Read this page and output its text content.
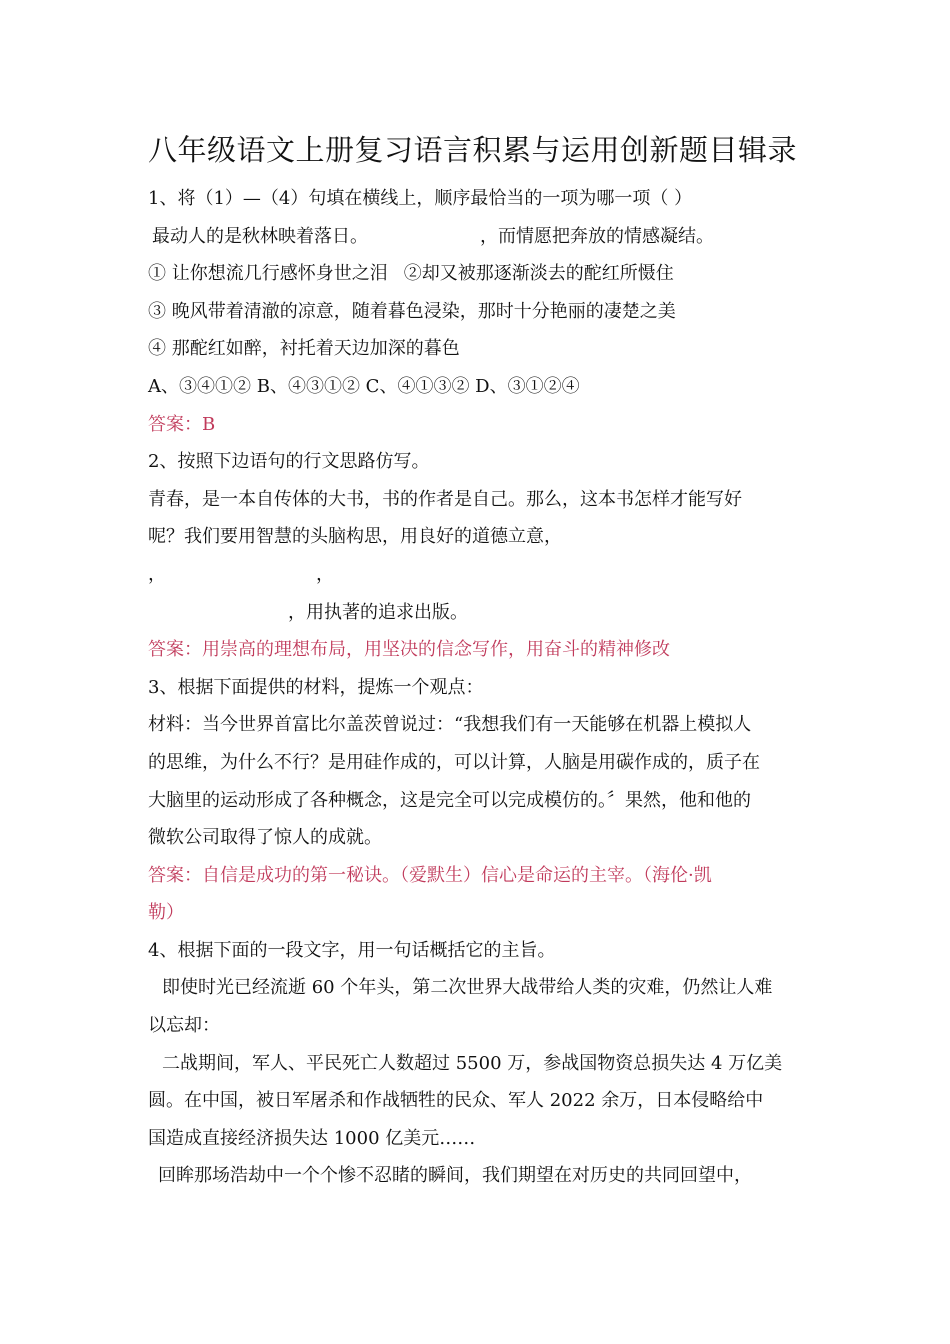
八年级语文上册复习语言积累与运用创新题目辑录
1、将（1）—（4）句填在横线上，顺序最恰当的一项为哪一项（ ）
最动人的是秋林映着落日。	，而情愿把奔放的情感凝结。
① 让你想流几行感怀身世之泪 ②却又被那逐渐淡去的酡红所慑住
③ 晚风带着清澈的凉意，随着暮色浸染，那时十分艳丽的凄楚之美
④ 那酡红如醉，衬托着天边加深的暮色
A、③④①② B、④③①② C、④①③② D、③①②④
答案：B
2、按照下边语句的行文思路仿写。
青春，是一本自传体的大书，书的作者是自己。那么，这本书怎样才能写好
呢？我们要用智慧的头脑构思，用良好的道德立意，
，	，
，用执著的追求出版。
答案：用崇高的理想布局，用坚决的信念写作，用奋斗的精神修改
3、根据下面提供的材料，提炼一个观点：
材料：当今世界首富比尔盖茨曾说过：“我想我们有一天能够在机器上模拟人
的思维，为什么不行？是用硅作成的，可以计算，人脑是用碳作成的，质子在
大脑里的运动形成了各种概念，这是完全可以完成模仿的。〞果然，他和他的
微软公司取得了惊人的成就。
答案：自信是成功的第一秘诀。（爱默生）信心是命运的主宰。（海伦·凯
勒）
4、根据下面的一段文字，用一句话概括它的主旨。
即使时光已经流逝 60 个年头，第二次世界大战带给人类的灾难，仍然让人难
以忘却：
二战期间，军人、平民死亡人数超过 5500 万，参战国物资总损失达 4 万亿美
圆。在中国，被日军屠杀和作战牺牲的民众、军人 2022 余万，日本侵略给中
国造成直接经济损失达 1000 亿美元……
回眸那场浩劫中一个个惨不忍睹的瞬间，我们期望在对历史的共同回望中，
